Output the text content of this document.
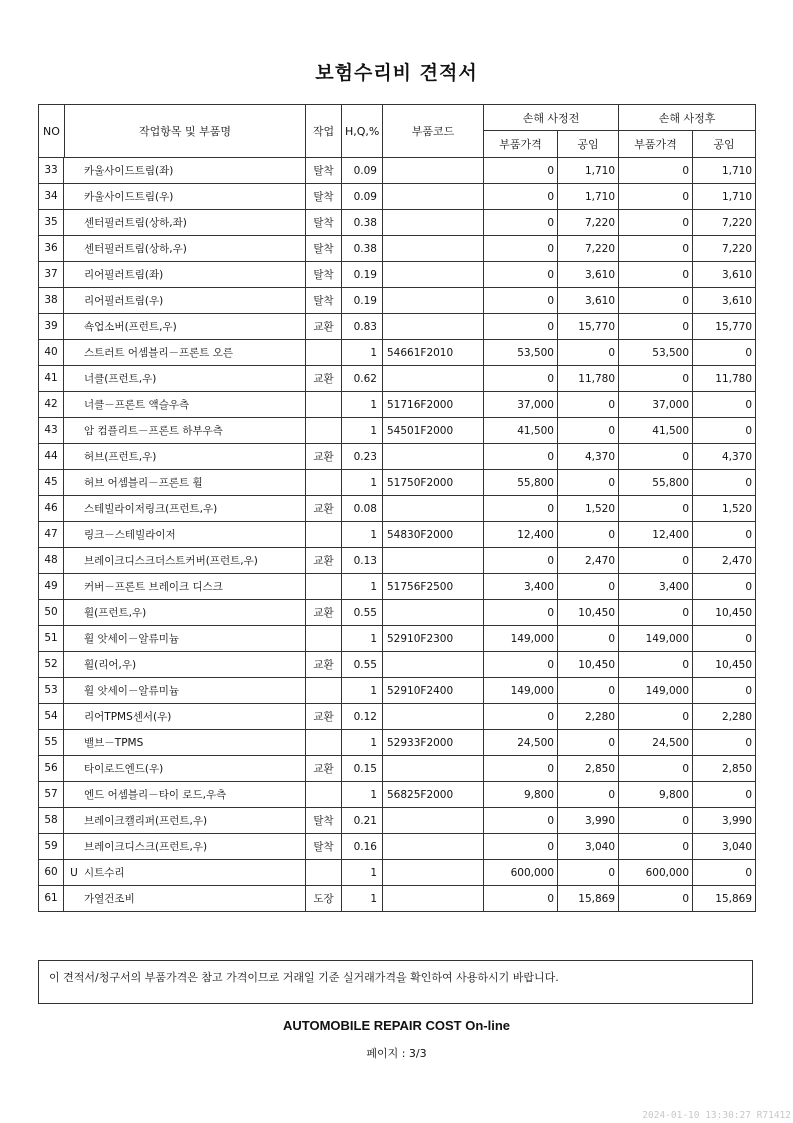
보험수리비 견적서
NO	작업항목 및 부품명	작업	H,Q,%	부품코드	손해 사정전		손해 사정후	
					부품가격	공임	부품가격	공임

33 카울사이드트림(좌)		탈착	0.09		0	1,710	0	1,710

34 카울사이드트림(우)		탈착	0.09		0	1,710	0	1,710

35 센터필러트림(상하,좌)		탈착	0.38		0	7,220	0	7,220

36 센터필러트림(상하,우)		탈착	0.38		0	7,220	0	7,220

37 리어필러트림(좌)		탈착	0.19		0	3,610	0	3,610

38 리어필러트림(우)		탈착	0.19		0	3,610	0	3,610

39 쇽업소버(프런트,우)		교환	0.83		0	15,770	0	15,770

40 스트러트 어셈블리－프론트 오른			1	54661F2010	53,500	0	53,500	0

41 너클(프런트,우)		교환	0.62		0	11,780	0	11,780

42 너클－프론트 액슬우측			1	51716F2000	37,000	0	37,000	0

43 암 컴플리트－프론트 하부우측			1	54501F2000	41,500	0	41,500	0

44 허브(프런트,우)		교환	0.23		0	4,370	0	4,370

45 허브 어셈블리－프론트 휠			1	51750F2000	55,800	0	55,800	0

46 스테빌라이저링크(프런트,우)		교환	0.08		0	1,520	0	1,520

47 링크－스테빌라이저			1	54830F2000	12,400	0	12,400	0

48 브레이크디스크더스트커버(프런트,우)		교환	0.13		0	2,470	0	2,470

49 커버－프론트 브레이크 디스크			1	51756F2500	3,400	0	3,400	0

50 휠(프런트,우)		교환	0.55		0	10,450	0	10,450

51 휠 앗세이－알류미늄			1	52910F2300	149,000	0	149,000	0

52 휠(리어,우)		교환	0.55		0	10,450	0	10,450

53 휠 앗세이－알류미늄			1	52910F2400	149,000	0	149,000	0

54 리어TPMS센서(우)		교환	0.12		0	2,280	0	2,280

55 밸브－TPMS			1	52933F2000	24,500	0	24,500	0

56 타이로드엔드(우)		교환	0.15		0	2,850	0	2,850

57 엔드 어셈블리－타이 로드,우측			1	56825F2000	9,800	0	9,800	0

58 브레이크캘리퍼(프런트,우)		탈착	0.21		0	3,990	0	3,990

59 브레이크디스크(프런트,우)		탈착	0.16		0	3,040	0	3,040

60 U 시트수리			1		600,000	0	600,000	0

61 가열건조비		도장	1		0	15,869	0	15,869
이 견적서/청구서의 부품가격은 참고 가격이므로 거래일 기준 실거래가격을 확인하여 사용하시기 바랍니다.
AUTOMOBILE REPAIR COST On-line
페이지 : 3/3
2024-01-10 13:30:27 R71412
